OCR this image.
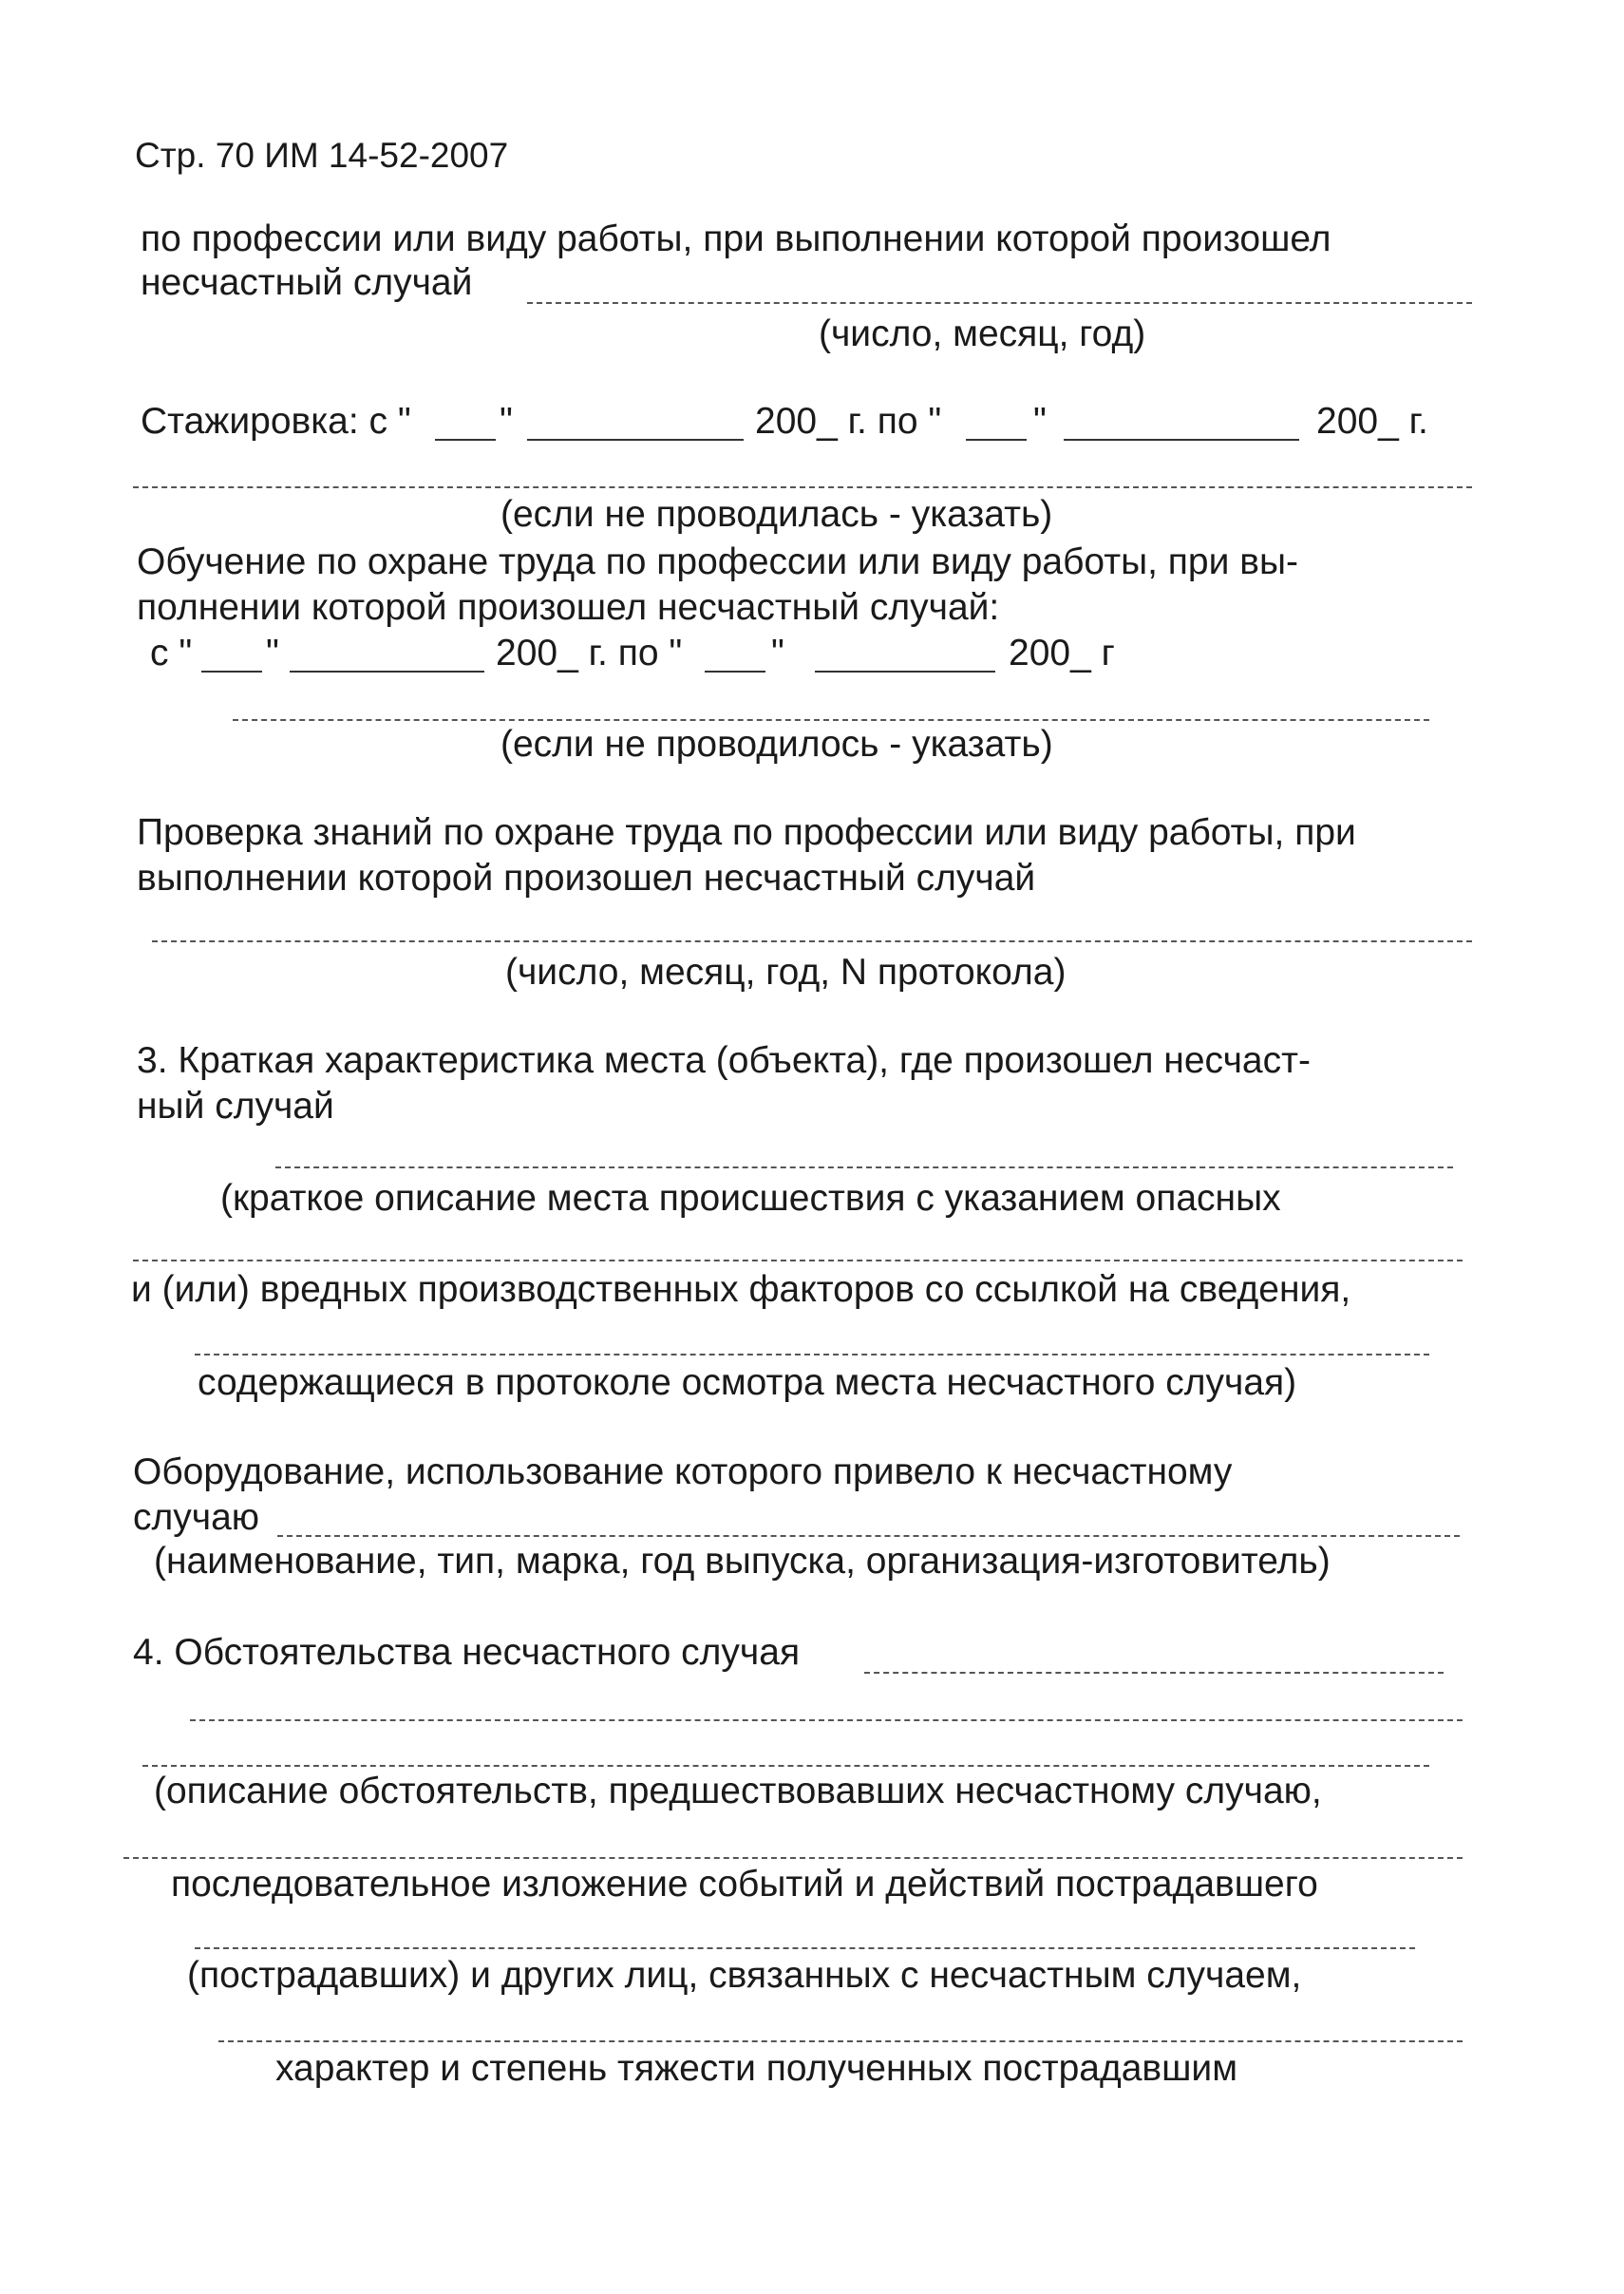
Стр. 70 ИМ 14-52-2007

по профессии или виду работы, при выполнении которой произошел

несчастный случай

(число, месяц, год)

Стажировка: с " "	200_ г. по " "	200_ г.

(если не проводилась - указать)

Обучение по охране труда по профессии или виду работы, при вы-

полнении которой произошел несчастный случай:

с " "	200_ г. по " "	200_ г

(если не проводилось - указать)

Проверка знаний по охране труда по профессии или виду работы, при

выполнении которой произошел несчастный случай

(число, месяц, год, N протокола)

3. Краткая характеристика места (объекта), где произошел несчаст-

ный случай

(краткое описание места происшествия с указанием опасных

и (или) вредных производственных факторов со ссылкой на сведения,

содержащиеся в протоколе осмотра места несчастного случая)

Оборудование, использование которого привело к несчастному

случаю

(наименование, тип, марка, год выпуска, организация-изготовитель)

4. Обстоятельства несчастного случая

(описание обстоятельств, предшествовавших несчастному случаю,

последовательное изложение событий и действий пострадавшего

(пострадавших) и других лиц, связанных с несчастным случаем,

характер и степень тяжести полученных пострадавшим
